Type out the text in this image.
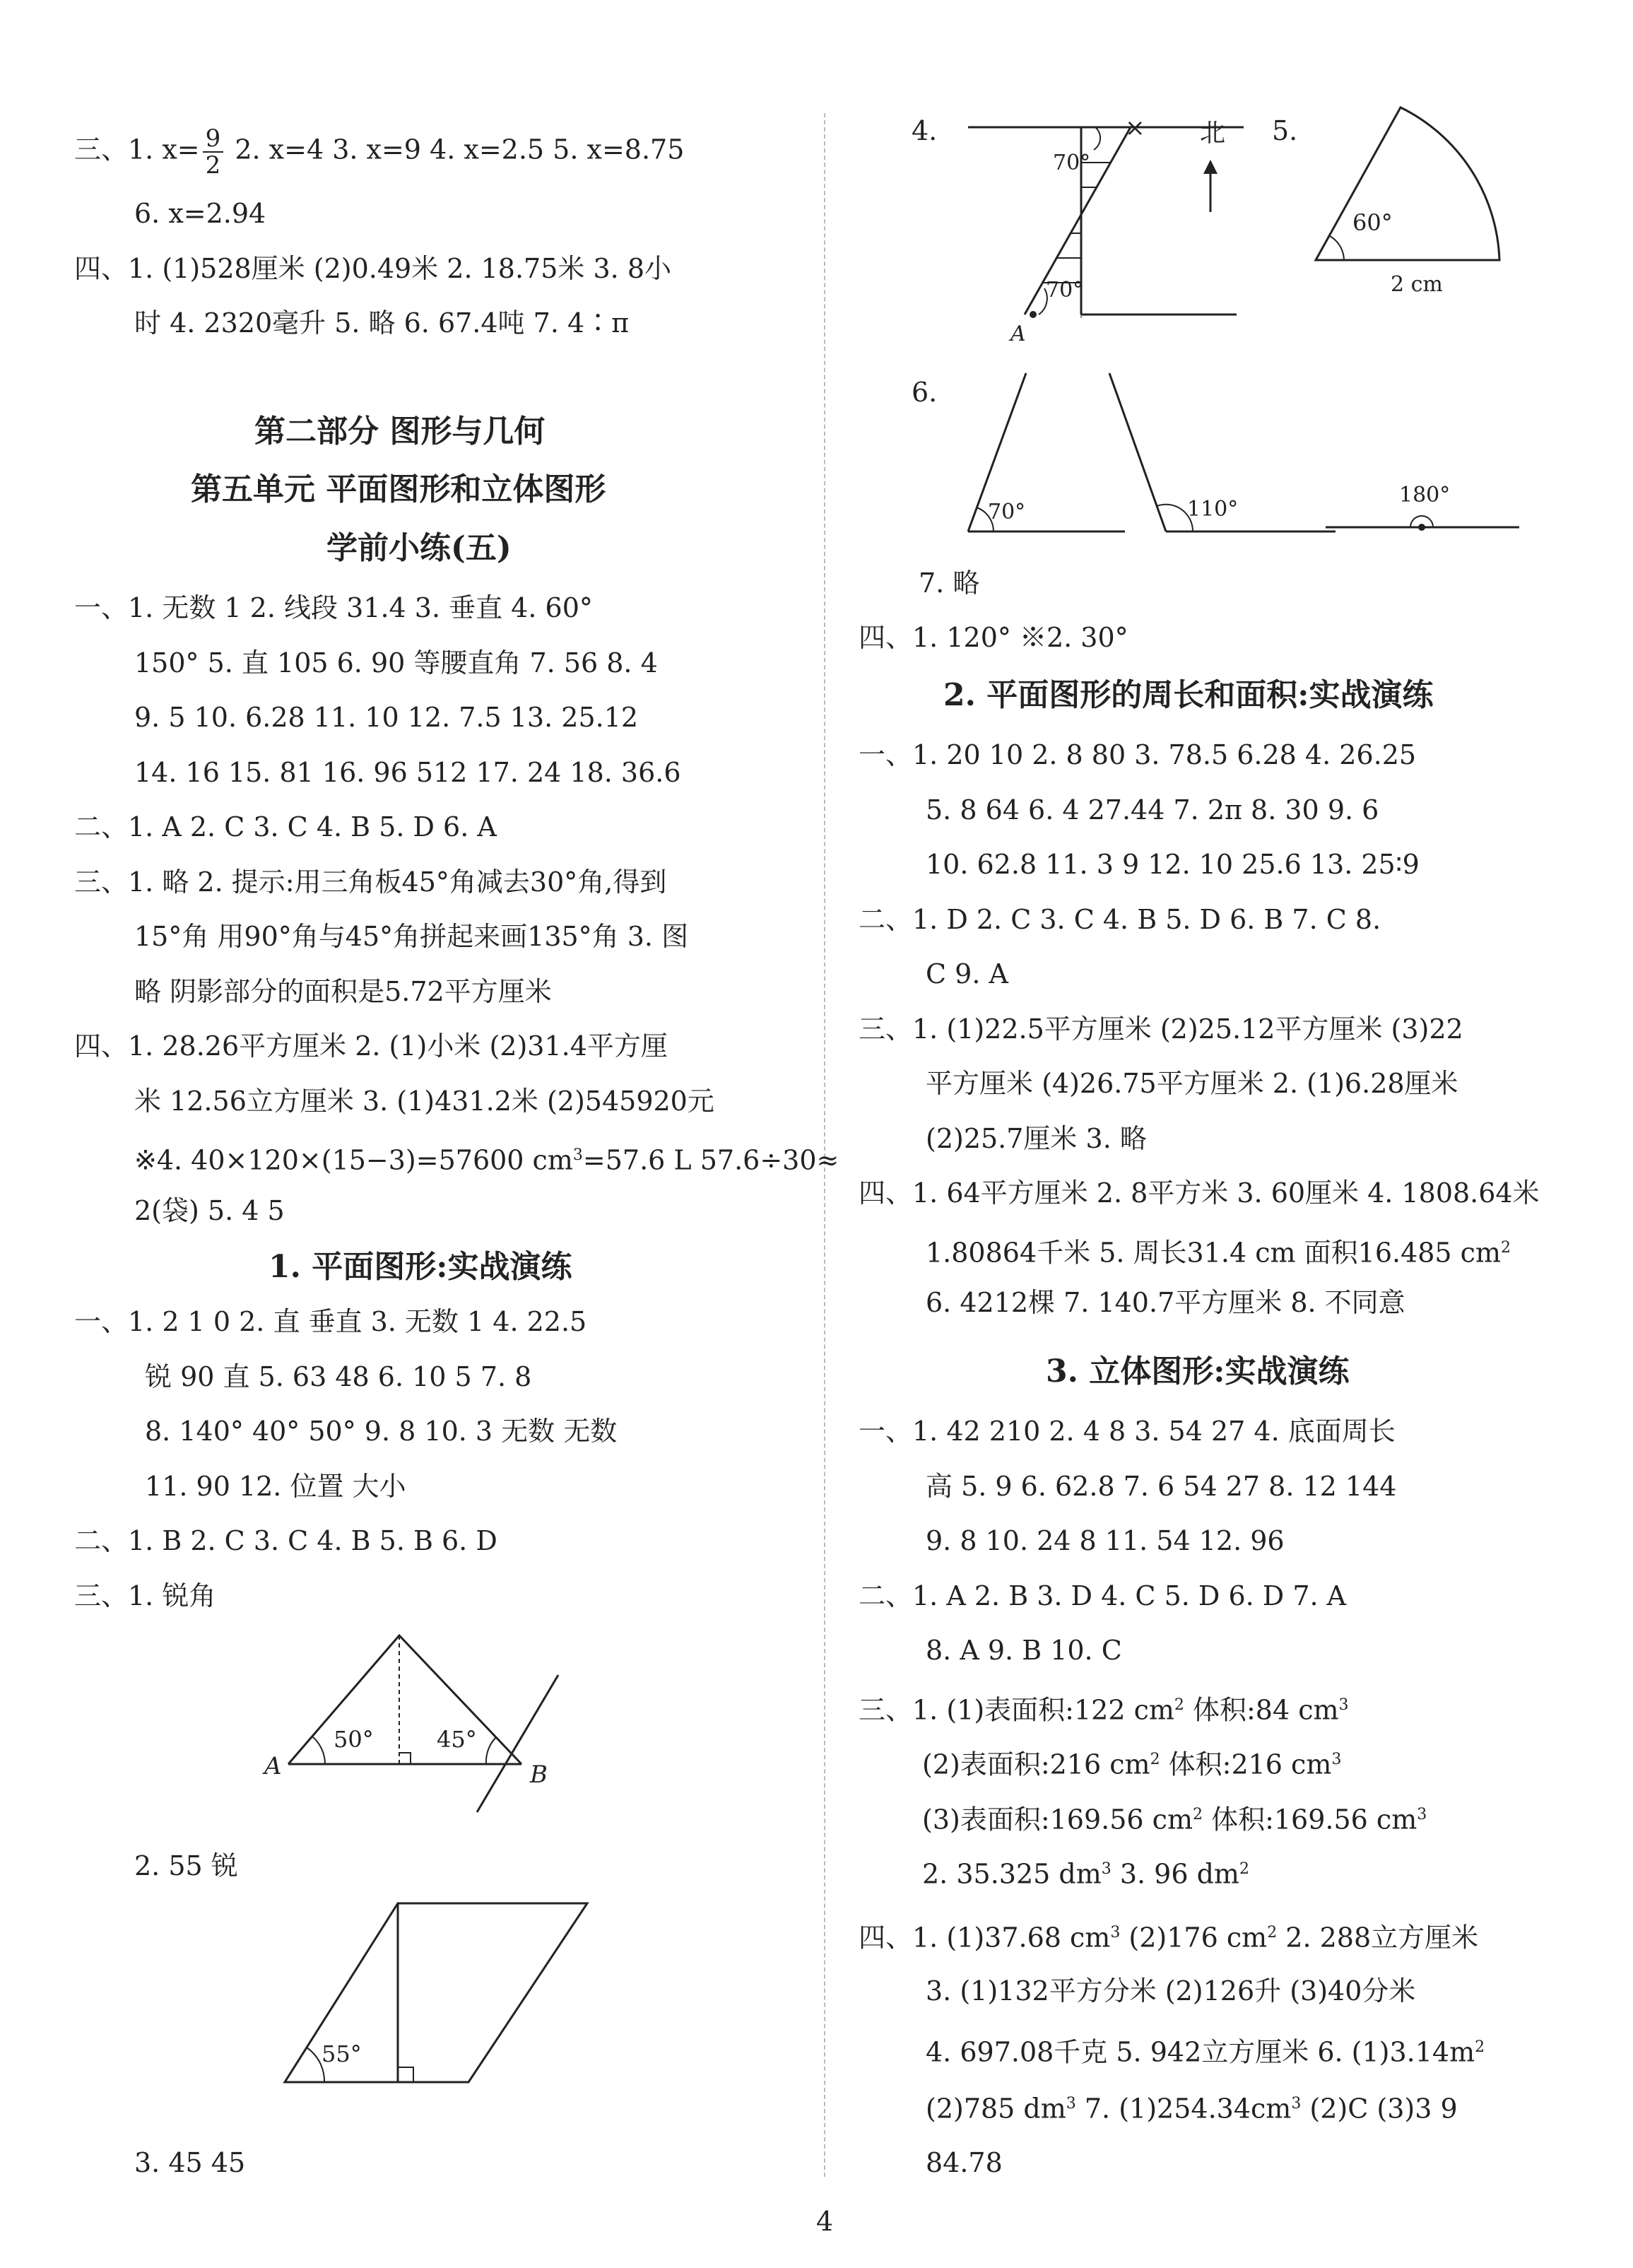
三、1. $x= \frac{9}{2} 2$. x=4 3. x=9 4. x=2.5 5. x=8.75
6. x=2.94
四、1. (1)528厘米 (2)0.49米 2. 18.75米 3. 8小
时 4. 2320毫升 5. 略 6. 67.4吨 7. 4∶π
第二部分 图形与几何
第五单元 平面图形和立体图形
学前小练(五)
一、1. 无数 1 2. 线段 31.4 3. 垂直 4. 60°
150° 5. 直 105 6. 90 等腰直角 7. 56 8. 4
9. 5 10. 6.28 11. 10 12. 7.5 13. 25.12
14. 16 15. 81 16. 96 512 17. 24 18. 36.6
二、1. A 2. C 3. C 4. B 5. D 6. A
三、1. 略 2. 提示:用三角板45°角减去30°角,得到
15°角 用90°角与45°角拼起来画135°角 3. 图
略 阴影部分的面积是5.72平方厘米
四、1. 28.26平方厘米 2. (1)小米 (2)31.4平方厘
米 12.56立方厘米 3. (1)431.2米 (2)545920元
※4. 40×120×(15−3)=57600 $cm^3=57.6$ L 57.6÷30≈
2(袋) 5. 4 5
1. 平面图形:实战演练
一、1. 2 1 0 2. 直 垂直 3. 无数 1 4. 22.5
锐 90 直 5. 63 48 6. 10 5 7. 8
8. 140° 40° 50° 9. 8 10. 3 无数 无数
11. 90 12. 位置 大小
二、1. B 2. C 3. C 4. B 5. B 6. D
三、1. 锐角
50°	45°
A	B
2. 55 锐
55°
3. 45 45
4.	×
70°
70°
A
北 5.
60°
2 cm
6.
70°	110°
180°
7. 略
四、1. 120° ※2. 30°
2. 平面图形的周长和面积:实战演练
一、1. 20 10 2. 8 80 3. 78.5 6.28 4. 26.25
5. 8 64 6. 4 27.44 7. 2π 8. 30 9. 6
10. 62.8 11. 3 9 12. 10 25.6 13. 25∶9
二、1. D 2. C 3. C 4. B 5. D 6. B 7. C 8.
C 9. A
三、1. (1)22.5平方厘米 (2)25.12平方厘米 (3)22
平方厘米 (4)26.75平方厘米 2. (1)6.28厘米
(2)25.7厘米 3. 略
四、1. 64平方厘米 2. 8平方米 3. 60厘米 4. 1808.64米
1.80864千米 5. 周长31.4 cm 面积16.485 $cm^2$
6. 4212棵 7. 140.7平方厘米 8. 不同意
3. 立体图形:实战演练
一、1. 42 210 2. 4 8 3. 54 27 4. 底面周长
高 5. 9 6. 62.8 7. 6 54 27 8. 12 144
9. 8 10. 24 8 11. 54 12. 96
二、1. A 2. B 3. D 4. C 5. D 6. D 7. A
8. A 9. B 10. C
三、1. (1)表面积:122 $cm^2$ 体积:84 $cm^3$
(2)表面积:216 $cm^2$ 体积:216 $cm^3$
(3)表面积:169.56 $cm^2$ 体积:169.56 $cm^3$
2. 35.325 $dm^3$ 3. 96 $dm^2$
四、1. (1)37.68 $cm^3$ (2)176 $cm^2$ 2. 288立方厘米
3. (1)132平方分米 (2)126升 (3)40分米
4. 697.08千克 5. 942立方厘米 6. $(1)3.14m^2$
(2)785 $dm^3$ 7. $(1)254.34cm^3$ (2)C (3)3 9
84.78
4
